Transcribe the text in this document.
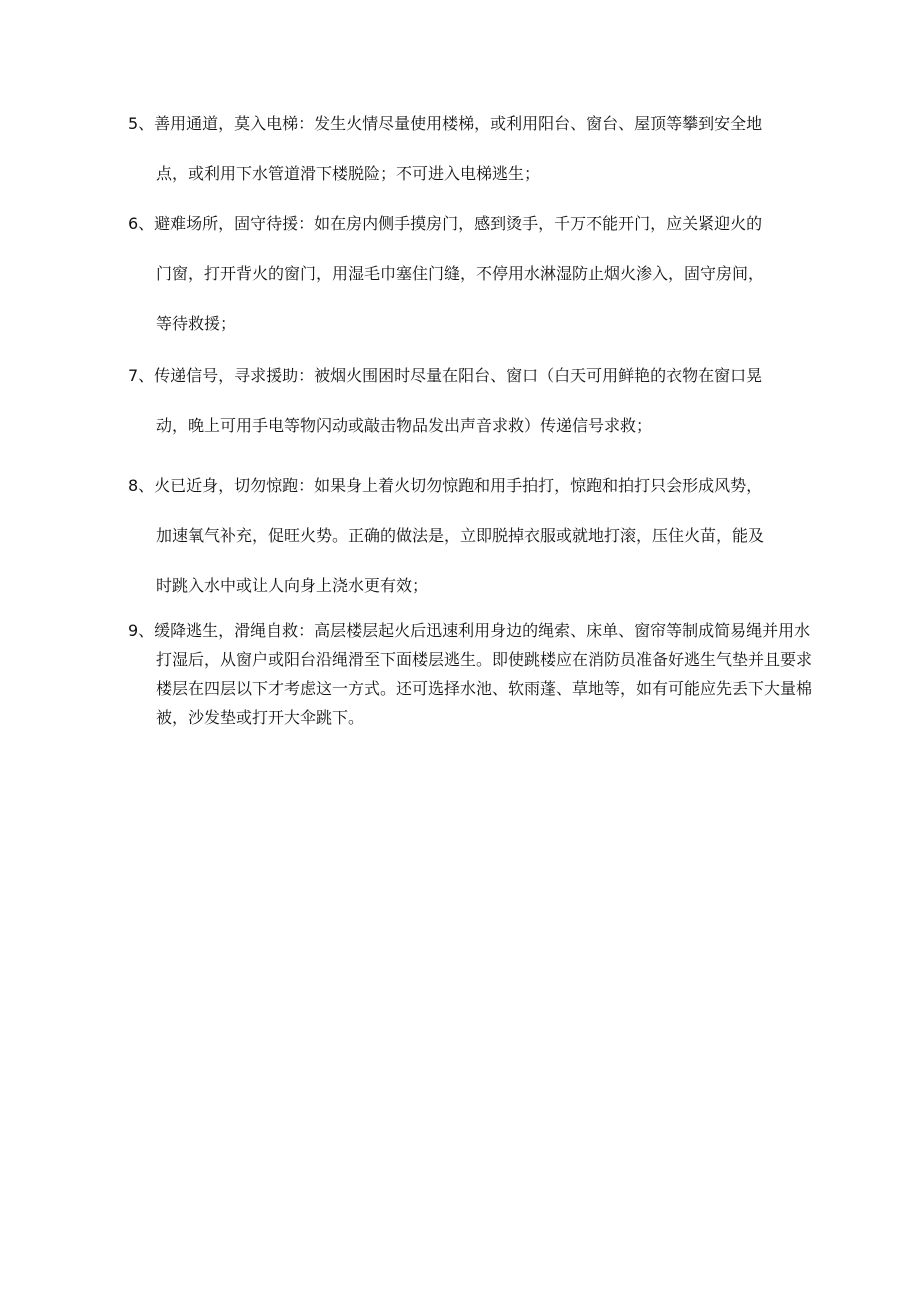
5、善用通道，莫入电梯：发生火情尽量使用楼梯，或利用阳台、窗台、屋顶等攀到安全地
点，或利用下水管道滑下楼脱险；不可进入电梯逃生；
6、避难场所，固守待援：如在房内侧手摸房门，感到烫手，千万不能开门，应关紧迎火的
门窗，打开背火的窗门，用湿毛巾塞住门缝，不停用水淋湿防止烟火渗入，固守房间，
等待救援；
7、传递信号，寻求援助：被烟火围困时尽量在阳台、窗口（白天可用鲜艳的衣物在窗口晃
动，晚上可用手电等物闪动或敲击物品发出声音求救）传递信号求救；
8、火已近身，切勿惊跑：如果身上着火切勿惊跑和用手拍打，惊跑和拍打只会形成风势，
加速氧气补充，促旺火势。正确的做法是，立即脱掉衣服或就地打滚，压住火苗，能及
时跳入水中或让人向身上浇水更有效；
9、缓降逃生，滑绳自救：高层楼层起火后迅速利用身边的绳索、床单、窗帘等制成简易绳并用水
打湿后，从窗户或阳台沿绳滑至下面楼层逃生。即使跳楼应在消防员准备好逃生气垫并且要求
楼层在四层以下才考虑这一方式。还可选择水池、软雨蓬、草地等，如有可能应先丢下大量棉
被，沙发垫或打开大伞跳下。
